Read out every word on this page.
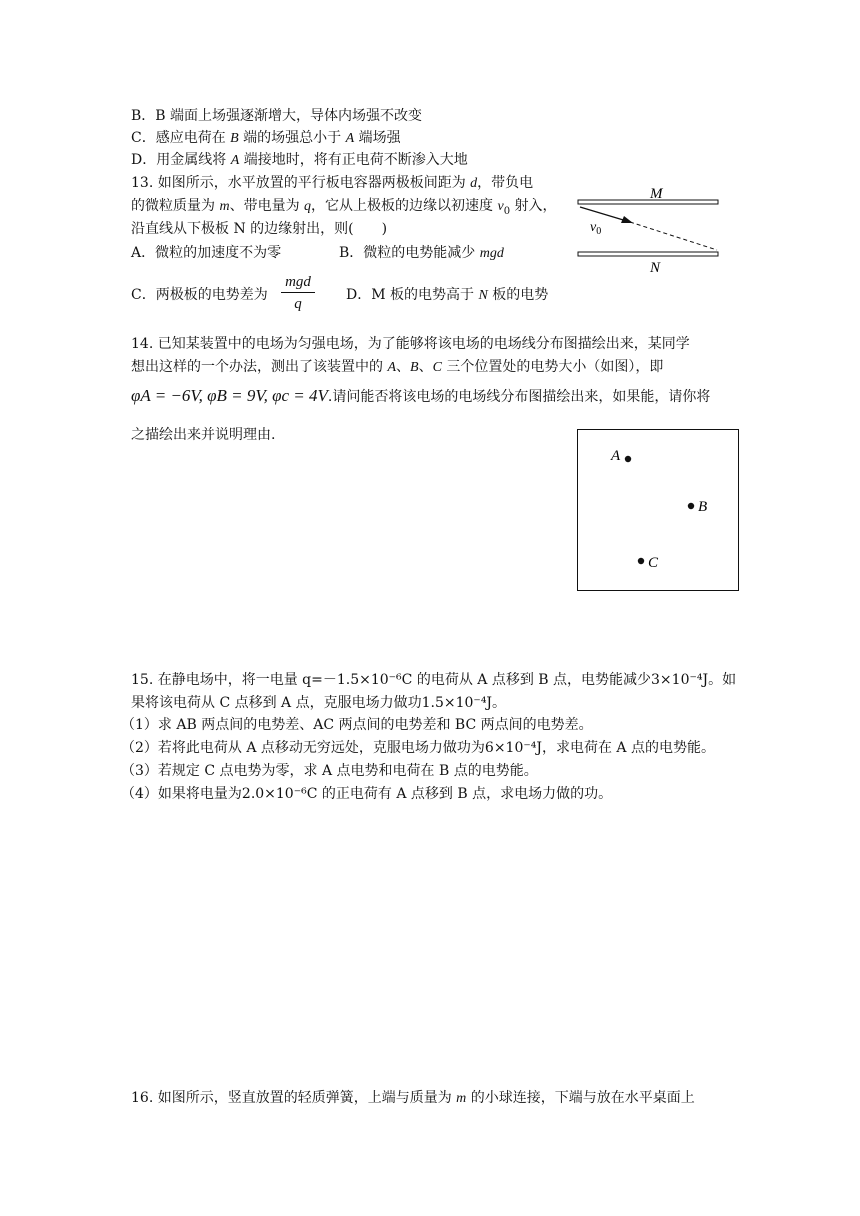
B．B 端面上场强逐渐增大，导体内场强不改变
C．感应电荷在 B 端的场强总小于 A 端场强
D．用金属线将 A 端接地时，将有正电荷不断渗入大地
13. 如图所示，水平放置的平行板电容器两极板间距为 d，带负电
的微粒质量为 m、带电量为 q，它从上极板的边缘以初速度 $v_0$ 射入，
沿直线从下极板 N 的边缘射出，则(　　)
A．微粒的加速度不为零	B．微粒的电势能减少 mgd
C．两极板的电势差为
mgd
q
D．M 板的电势高于 N 板的电势
M
N
$v_0$
14. 已知某装置中的电场为匀强电场，为了能够将该电场的电场线分布图描绘出来，某同学
想出这样的一个办法，测出了该装置中的 A、B、C 三个位置处的电势大小（如图），即
φA = −6V, φB = 9V, φc = 4V.请问能否将该电场的电场线分布图描绘出来，如果能，请你将
之描绘出来并说明理由.
A
B
C
15. 在静电场中，将一电量 q=－1.5×10⁻⁶C 的电荷从 A 点移到 B 点，电势能减少3×10⁻⁴J。如
果将该电荷从 C 点移到 A 点，克服电场力做功1.5×10⁻⁴J。
（1）求 AB 两点间的电势差、AC 两点间的电势差和 BC 两点间的电势差。
（2）若将此电荷从 A 点移动无穷远处，克服电场力做功为6×10⁻⁴J，求电荷在 A 点的电势能。
（3）若规定 C 点电势为零，求 A 点电势和电荷在 B 点的电势能。
（4）如果将电量为2.0×10⁻⁶C 的正电荷有 A 点移到 B 点，求电场力做的功。
16. 如图所示，竖直放置的轻质弹簧，上端与质量为 m 的小球连接，下端与放在水平桌面上
